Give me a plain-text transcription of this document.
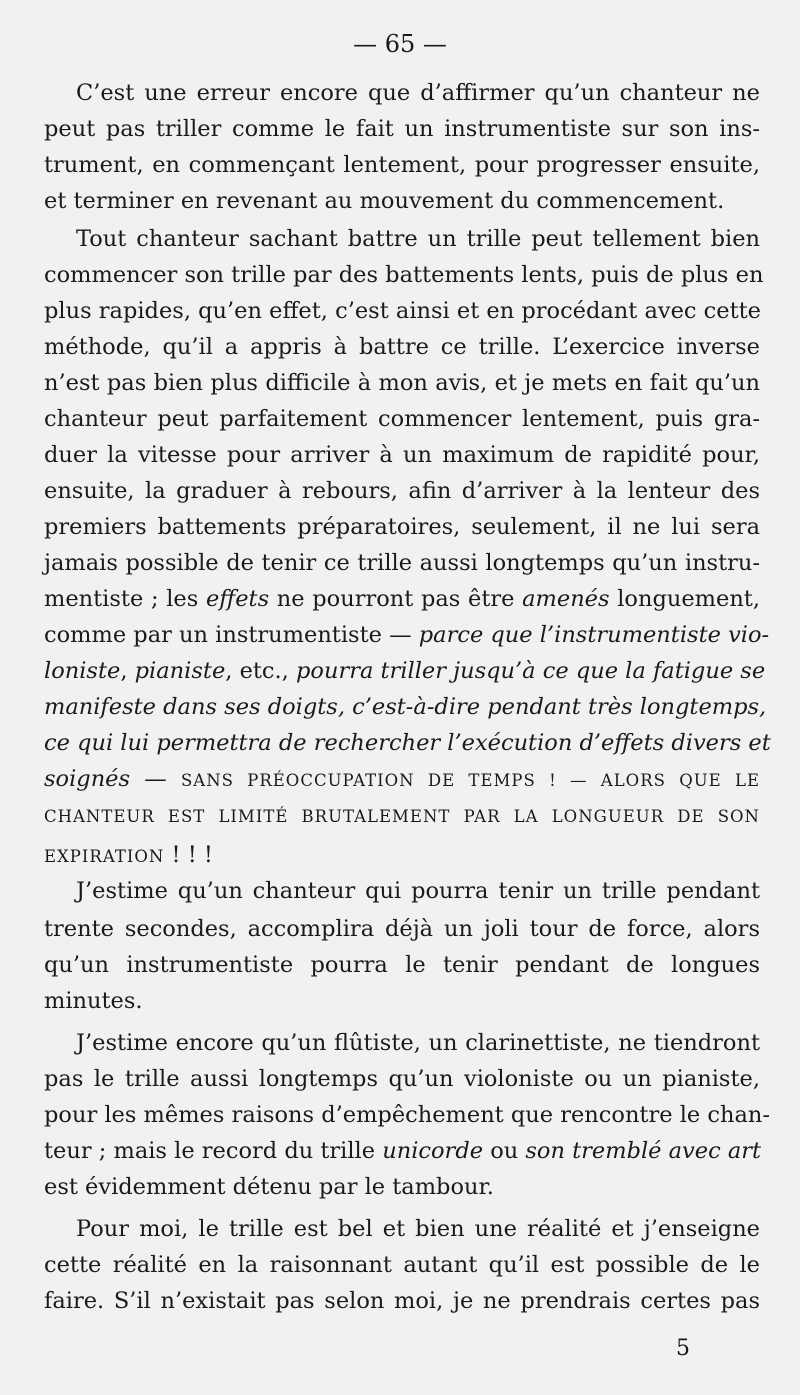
— 65 —
C’est une erreur encore que d’affirmer qu’un chanteur ne
peut pas triller comme le fait un instrumentiste sur son ins-
trument, en commençant lentement, pour progresser ensuite,
et terminer en revenant au mouvement du commencement.
Tout chanteur sachant battre un trille peut tellement bien
commencer son trille par des battements lents, puis de plus en
plus rapides, qu’en effet, c’est ainsi et en procédant avec cette
méthode, qu’il a appris à battre ce trille. L’exercice inverse
n’est pas bien plus difficile à mon avis, et je mets en fait qu’un
chanteur peut parfaitement commencer lentement, puis gra-
duer la vitesse pour arriver à un maximum de rapidité pour,
ensuite, la graduer à rebours, afin d’arriver à la lenteur des
premiers battements préparatoires, seulement, il ne lui sera
jamais possible de tenir ce trille aussi longtemps qu’un instru-
mentiste ; les effets ne pourront pas être amenés longuement,
comme par un instrumentiste — parce que l’instrumentiste vio-
loniste, pianiste, etc., pourra triller jusqu’à ce que la fatigue se
manifeste dans ses doigts, c’est-à-dire pendant très longtemps,
ce qui lui permettra de rechercher l’exécution d’effets divers et
soignés — SANS PRÉOCCUPATION DE TEMPS ! — ALORS QUE LE
CHANTEUR EST LIMITÉ BRUTALEMENT PAR LA LONGUEUR DE SON
EXPIRATION ! ! !
J’estime qu’un chanteur qui pourra tenir un trille pendant
trente secondes, accomplira déjà un joli tour de force, alors
qu’un instrumentiste pourra le tenir pendant de longues
minutes.
J’estime encore qu’un flûtiste, un clarinettiste, ne tiendront
pas le trille aussi longtemps qu’un violoniste ou un pianiste,
pour les mêmes raisons d’empêchement que rencontre le chan-
teur ; mais le record du trille unicorde ou son tremblé avec art
est évidemment détenu par le tambour.
Pour moi, le trille est bel et bien une réalité et j’enseigne
cette réalité en la raisonnant autant qu’il est possible de le
faire. S’il n’existait pas selon moi, je ne prendrais certes pas
5
